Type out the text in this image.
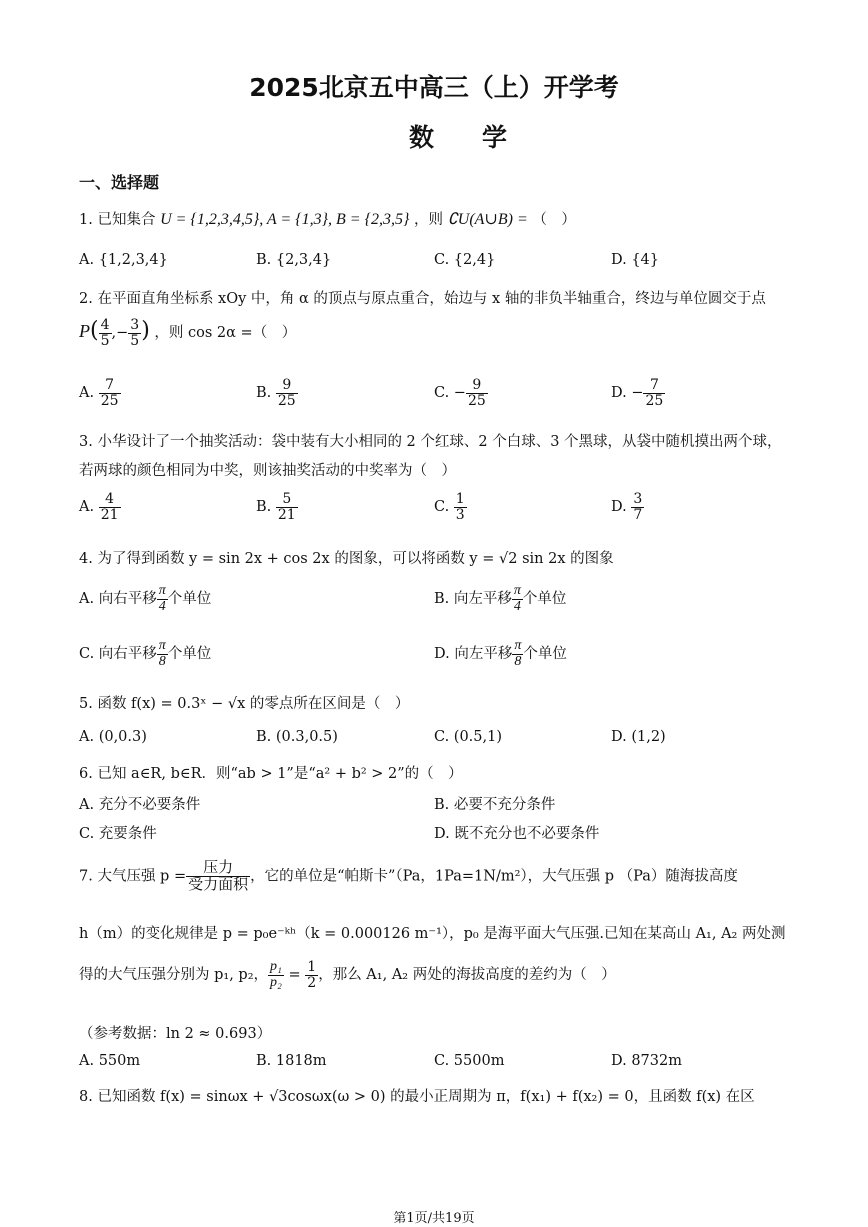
2025北京五中高三（上）开学考
数学
一、选择题
1. 已知集合 U = {1,2,3,4,5}, A = {1,3}, B = {2,3,5} ，则 ∁U(A∪B) = （　）
A. {1,2,3,4}	B. {2,3,4}	C. {2,4}	D. {4}
2. 在平面直角坐标系 xOy 中，角 α 的顶点与原点重合，始边与 x 轴的非负半轴重合，终边与单位圆交于点
$P( \frac{4}{5}$ ,− $\frac{3}{5}$ ) ，则 cos 2α =（　）
A. $\frac{7}{25}$	B. $\frac{9}{25}$	C. − $\frac{9}{25}$	D. − $\frac{7}{25}$
3. 小华设计了一个抽奖活动：袋中装有大小相同的 2 个红球、2 个白球、3 个黑球，从袋中随机摸出两个球，
若两球的颜色相同为中奖，则该抽奖活动的中奖率为（　）
A. $\frac{4}{21}$	B. $\frac{5}{21}$	C. $\frac{1}{3}$	D. $\frac{3}{7}$
4. 为了得到函数 y = sin 2x + cos 2x 的图象，可以将函数 y = √2 sin 2x 的图象
A. 向右平移 $\frac{\pi}{4}$ 个单位	B. 向左平移 $\frac{\pi}{4}$ 个单位
C. 向右平移 $\frac{\pi}{8}$ 个单位	D. 向左平移 $\frac{\pi}{8}$ 个单位
5. 函数 f(x) = 0.3ˣ − √x 的零点所在区间是（　）
A. (0,0.3)	B. (0.3,0.5)	C. (0.5,1)	D. (1,2)
6. 已知 a∈R, b∈R．则“ab > 1”是“a² + b² > 2”的（　）
A. 充分不必要条件	B. 必要不充分条件
C. 充要条件	D. 既不充分也不必要条件
7. 大气压强 $p = \frac{\text{压力}}{\text{受力面积}}$ ，它的单位是“帕斯卡”（Pa，1Pa=1N/m²），大气压强 p （Pa）随海拔高度
h（m）的变化规律是 p = p₀e⁻ᵏʰ（k = 0.000126 m⁻¹），p₀ 是海平面大气压强.已知在某高山 A₁, A₂ 两处测
得的大气压强分别为 p₁, p₂， $\frac{\text{p₁}}{\text{p₂}} = \frac{1}{2}$ ，那么 A₁, A₂ 两处的海拔高度的差约为（　）
（参考数据：ln 2 ≈ 0.693）
A. 550m	B. 1818m	C. 5500m	D. 8732m
8. 已知函数 f(x) = sinωx + √3cosωx(ω > 0) 的最小正周期为 π，f(x₁) + f(x₂) = 0，且函数 f(x) 在区
第1页/共19页
